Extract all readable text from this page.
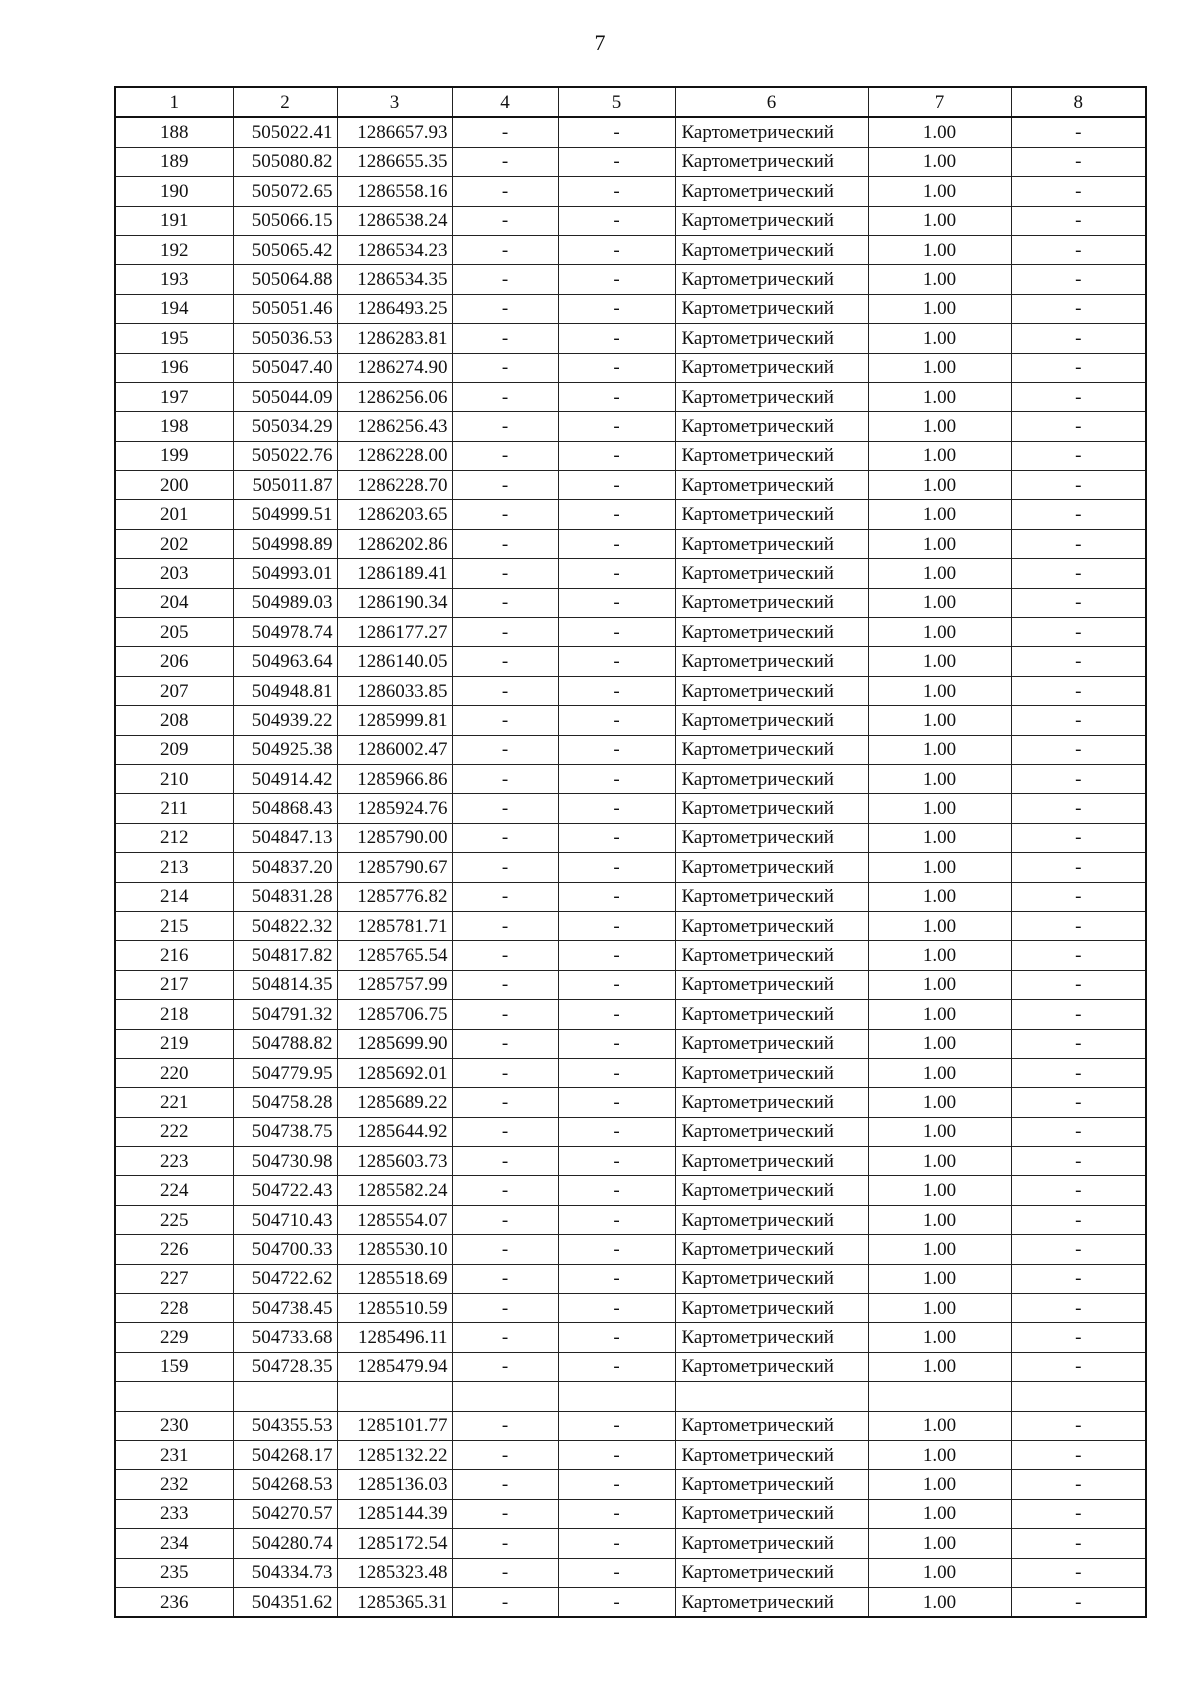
7
1	2	3	4	5	6	7	8
188	505022.41	1286657.93	-	-	Картометрический	1.00	-
189	505080.82	1286655.35	-	-	Картометрический	1.00	-
190	505072.65	1286558.16	-	-	Картометрический	1.00	-
191	505066.15	1286538.24	-	-	Картометрический	1.00	-
192	505065.42	1286534.23	-	-	Картометрический	1.00	-
193	505064.88	1286534.35	-	-	Картометрический	1.00	-
194	505051.46	1286493.25	-	-	Картометрический	1.00	-
195	505036.53	1286283.81	-	-	Картометрический	1.00	-
196	505047.40	1286274.90	-	-	Картометрический	1.00	-
197	505044.09	1286256.06	-	-	Картометрический	1.00	-
198	505034.29	1286256.43	-	-	Картометрический	1.00	-
199	505022.76	1286228.00	-	-	Картометрический	1.00	-
200	505011.87	1286228.70	-	-	Картометрический	1.00	-
201	504999.51	1286203.65	-	-	Картометрический	1.00	-
202	504998.89	1286202.86	-	-	Картометрический	1.00	-
203	504993.01	1286189.41	-	-	Картометрический	1.00	-
204	504989.03	1286190.34	-	-	Картометрический	1.00	-
205	504978.74	1286177.27	-	-	Картометрический	1.00	-
206	504963.64	1286140.05	-	-	Картометрический	1.00	-
207	504948.81	1286033.85	-	-	Картометрический	1.00	-
208	504939.22	1285999.81	-	-	Картометрический	1.00	-
209	504925.38	1286002.47	-	-	Картометрический	1.00	-
210	504914.42	1285966.86	-	-	Картометрический	1.00	-
211	504868.43	1285924.76	-	-	Картометрический	1.00	-
212	504847.13	1285790.00	-	-	Картометрический	1.00	-
213	504837.20	1285790.67	-	-	Картометрический	1.00	-
214	504831.28	1285776.82	-	-	Картометрический	1.00	-
215	504822.32	1285781.71	-	-	Картометрический	1.00	-
216	504817.82	1285765.54	-	-	Картометрический	1.00	-
217	504814.35	1285757.99	-	-	Картометрический	1.00	-
218	504791.32	1285706.75	-	-	Картометрический	1.00	-
219	504788.82	1285699.90	-	-	Картометрический	1.00	-
220	504779.95	1285692.01	-	-	Картометрический	1.00	-
221	504758.28	1285689.22	-	-	Картометрический	1.00	-
222	504738.75	1285644.92	-	-	Картометрический	1.00	-
223	504730.98	1285603.73	-	-	Картометрический	1.00	-
224	504722.43	1285582.24	-	-	Картометрический	1.00	-
225	504710.43	1285554.07	-	-	Картометрический	1.00	-
226	504700.33	1285530.10	-	-	Картометрический	1.00	-
227	504722.62	1285518.69	-	-	Картометрический	1.00	-
228	504738.45	1285510.59	-	-	Картометрический	1.00	-
229	504733.68	1285496.11	-	-	Картометрический	1.00	-
159	504728.35	1285479.94	-	-	Картометрический	1.00	-

230	504355.53	1285101.77	-	-	Картометрический	1.00	-
231	504268.17	1285132.22	-	-	Картометрический	1.00	-
232	504268.53	1285136.03	-	-	Картометрический	1.00	-
233	504270.57	1285144.39	-	-	Картометрический	1.00	-
234	504280.74	1285172.54	-	-	Картометрический	1.00	-
235	504334.73	1285323.48	-	-	Картометрический	1.00	-
236	504351.62	1285365.31	-	-	Картометрический	1.00	-
